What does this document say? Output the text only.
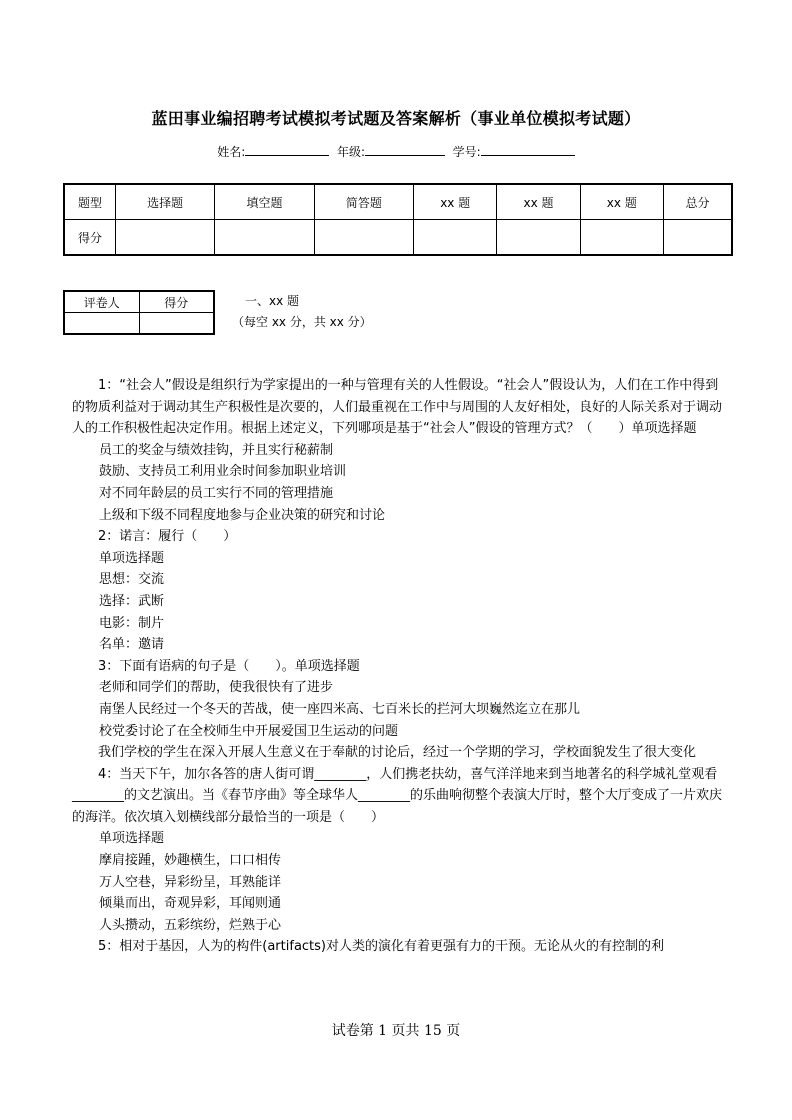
蓝田事业编招聘考试模拟考试题及答案解析（事业单位模拟考试题）
姓名:	年级:	学号:
题型	选择题	填空题	简答题	xx 题	xx 题	xx 题	总分
得分							
评卷人	得分
		一、xx 题
（每空 xx 分，共 xx 分）

1：“社会人”假设是组织行为学家提出的一种与管理有关的人性假设。“社会人”假设认为，人们在工作中得到的物质利益对于调动其生产积极性是次要的，人们最重视在工作中与周围的人友好相处，良好的人际关系对于调动人的工作积极性起决定作用。根据上述定义，下列哪项是基于“社会人”假设的管理方式？（　　）单项选择题

员工的奖金与绩效挂钩，并且实行秘薪制

鼓励、支持员工利用业余时间参加职业培训

对不同年龄层的员工实行不同的管理措施

上级和下级不同程度地参与企业决策的研究和讨论

2：诺言：履行（　　）

单项选择题

思想：交流

选择：武断

电影：制片

名单：邀请

3：下面有语病的句子是（　　）。单项选择题

老师和同学们的帮助，使我很快有了进步

南堡人民经过一个冬天的苦战，使一座四米高、七百米长的拦河大坝巍然迄立在那儿

校党委讨论了在全校师生中开展爱国卫生运动的问题

我们学校的学生在深入开展人生意义在于奉献的讨论后，经过一个学期的学习，学校面貌发生了很大变化

4：当天下午，加尔各答的唐人街可谓________，人们携老扶幼，喜气洋洋地来到当地著名的科学城礼堂观看________的文艺演出。当《春节序曲》等全球华人________的乐曲响彻整个表演大厅时，整个大厅变成了一片欢庆的海洋。依次填入划横线部分最恰当的一项是（　　）

单项选择题

摩肩接踵，妙趣横生，口口相传

万人空巷，异彩纷呈，耳熟能详

倾巢而出，奇观异彩，耳闻则通

人头攒动，五彩缤纷，烂熟于心

5：相对于基因，人为的构件(artifacts)对人类的演化有着更强有力的干预。无论从火的有控制的利

试卷第 1 页共 15 页
